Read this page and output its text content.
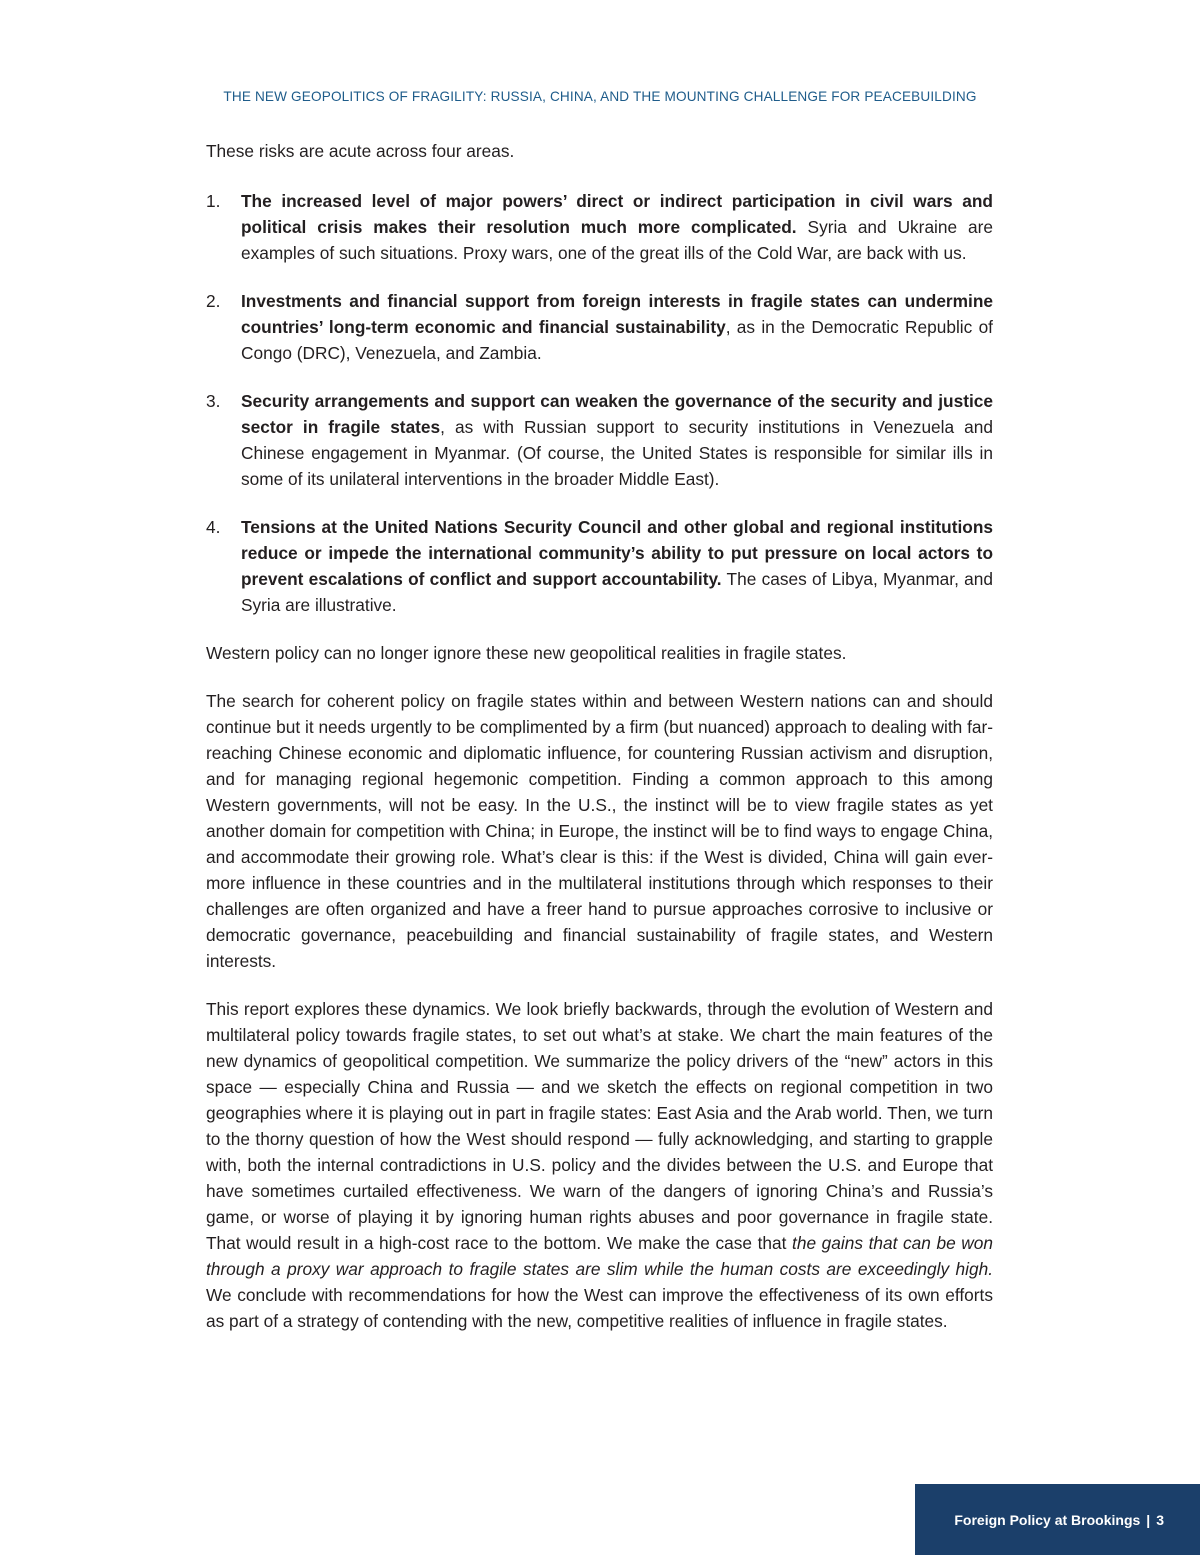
THE NEW GEOPOLITICS OF FRAGILITY: RUSSIA, CHINA, AND THE MOUNTING CHALLENGE FOR PEACEBUILDING

These risks are acute across four areas.

1. The increased level of major powers’ direct or indirect participation in civil wars and political crisis makes their resolution much more complicated. Syria and Ukraine are examples of such situations. Proxy wars, one of the great ills of the Cold War, are back with us.
2. Investments and financial support from foreign interests in fragile states can undermine countries’ long-term economic and financial sustainability, as in the Democratic Republic of Congo (DRC), Venezuela, and Zambia.
3. Security arrangements and support can weaken the governance of the security and justice sector in fragile states, as with Russian support to security institutions in Venezuela and Chinese engagement in Myanmar. (Of course, the United States is responsible for similar ills in some of its unilateral interventions in the broader Middle East).
4. Tensions at the United Nations Security Council and other global and regional institutions reduce or impede the international community’s ability to put pressure on local actors to prevent escalations of conflict and support accountability. The cases of Libya, Myanmar, and Syria are illustrative.

Western policy can no longer ignore these new geopolitical realities in fragile states.

The search for coherent policy on fragile states within and between Western nations can and should continue but it needs urgently to be complimented by a firm (but nuanced) approach to dealing with far-reaching Chinese economic and diplomatic influence, for countering Russian activism and disruption, and for managing regional hegemonic competition. Finding a common approach to this among Western governments, will not be easy. In the U.S., the instinct will be to view fragile states as yet another domain for competition with China; in Europe, the instinct will be to find ways to engage China, and accommodate their growing role. What’s clear is this: if the West is divided, China will gain ever-more influence in these countries and in the multilateral institutions through which responses to their challenges are often organized and have a freer hand to pursue approaches corrosive to inclusive or democratic governance, peacebuilding and financial sustainability of fragile states, and Western interests.

This report explores these dynamics. We look briefly backwards, through the evolution of Western and multilateral policy towards fragile states, to set out what’s at stake. We chart the main features of the new dynamics of geopolitical competition. We summarize the policy drivers of the “new” actors in this space — especially China and Russia — and we sketch the effects on regional competition in two geographies where it is playing out in part in fragile states: East Asia and the Arab world. Then, we turn to the thorny question of how the West should respond — fully acknowledging, and starting to grapple with, both the internal contradictions in U.S. policy and the divides between the U.S. and Europe that have sometimes curtailed effectiveness. We warn of the dangers of ignoring China’s and Russia’s game, or worse of playing it by ignoring human rights abuses and poor governance in fragile state. That would result in a high-cost race to the bottom. We make the case that the gains that can be won through a proxy war approach to fragile states are slim while the human costs are exceedingly high. We conclude with recommendations for how the West can improve the effectiveness of its own efforts as part of a strategy of contending with the new, competitive realities of influence in fragile states.

Foreign Policy at Brookings | 3
